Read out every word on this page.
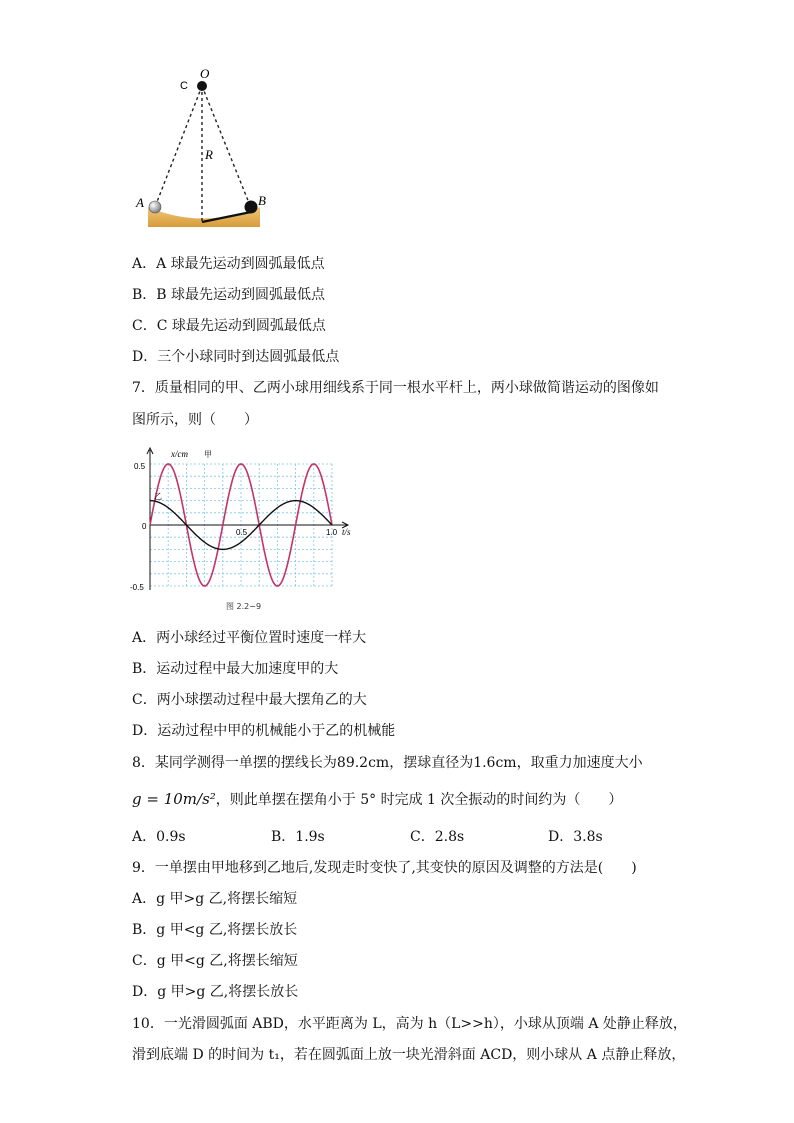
C
O
R
A	B
A．A 球最先运动到圆弧最低点
B．B 球最先运动到圆弧最低点
C．C 球最先运动到圆弧最低点
D．三个小球同时到达圆弧最低点
7．质量相同的甲、乙两小球用细线系于同一根水平杆上，两小球做简谐运动的图像如
图所示，则（　　）
x/cm
t/s
甲
乙
0.5
0
-0.5
0.5	1.0
图 2.2−9
A．两小球经过平衡位置时速度一样大
B．运动过程中最大加速度甲的大
C．两小球摆动过程中最大摆角乙的大
D．运动过程中甲的机械能小于乙的机械能
8．某同学测得一单摆的摆线长为89.2cm，摆球直径为1.6cm，取重力加速度大小
g = 10m/s²，则此单摆在摆角小于 5° 时完成 1 次全振动的时间约为（　　）
A．0.9s	B．1.9s	C．2.8s	D．3.8s
9．一单摆由甲地移到乙地后,发现走时变快了,其变快的原因及调整的方法是(　　)
A．g 甲>g 乙,将摆长缩短
B．g 甲<g 乙,将摆长放长
C．g 甲<g 乙,将摆长缩短
D．g 甲>g 乙,将摆长放长
10．一光滑圆弧面 ABD，水平距离为 L，高为 h（L>>h），小球从顶端 A 处静止释放，
滑到底端 D 的时间为 t₁，若在圆弧面上放一块光滑斜面 ACD，则小球从 A 点静止释放，
